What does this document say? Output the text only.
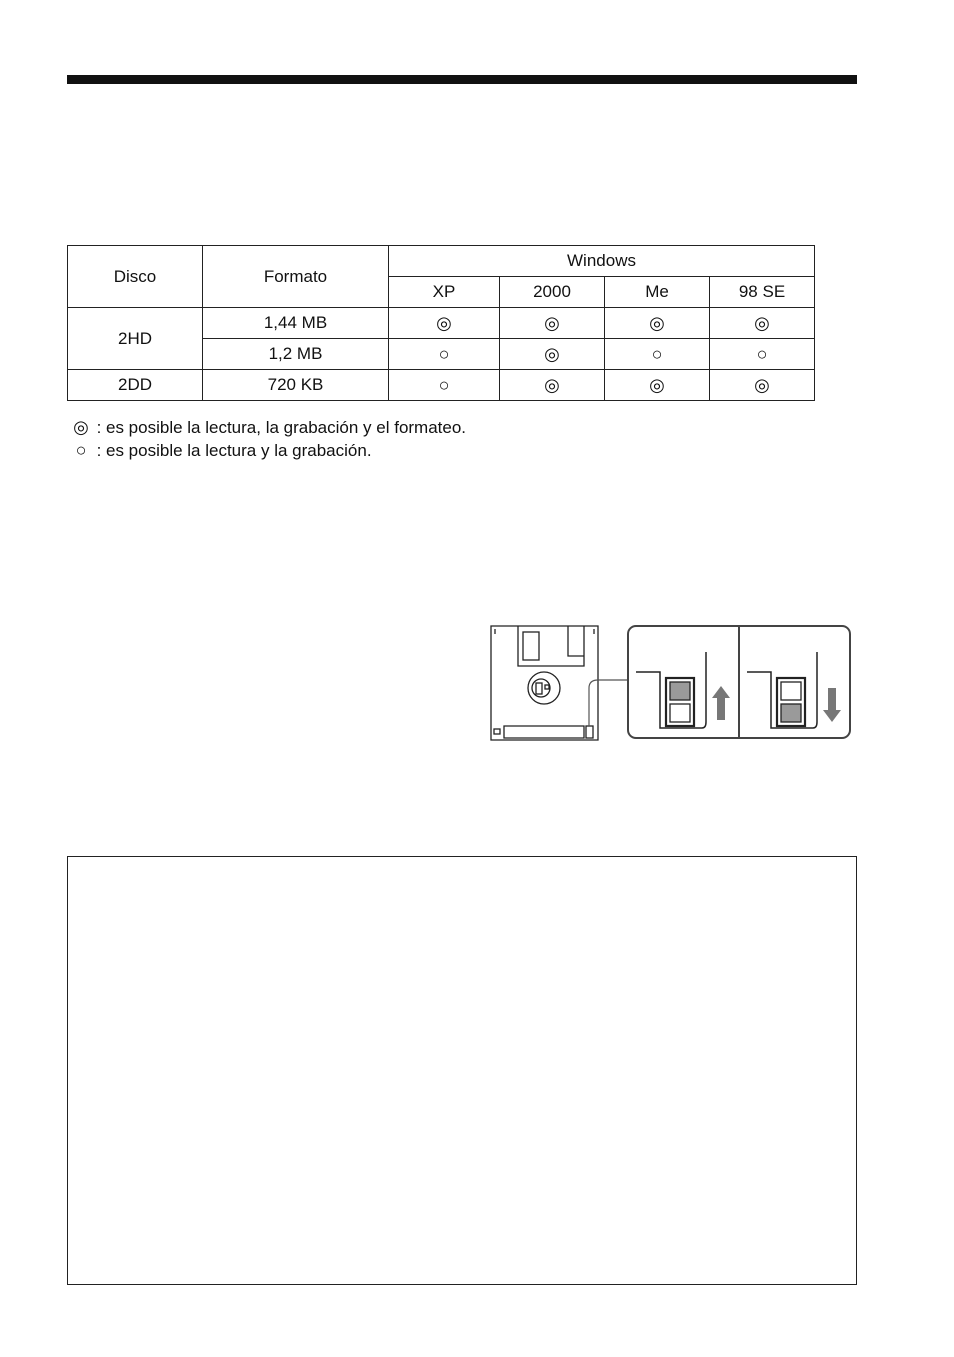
Disco	Formato	Windows			
		XP	2000	Me	98 SE
2HD	1,44 MB	◎	◎	◎	◎
	1,2 MB	○	◎	○	○
2DD	720 KB	○	◎	◎	◎
◎ : es posible la lectura, la grabación y el formateo.
○ : es posible la lectura y la grabación.
